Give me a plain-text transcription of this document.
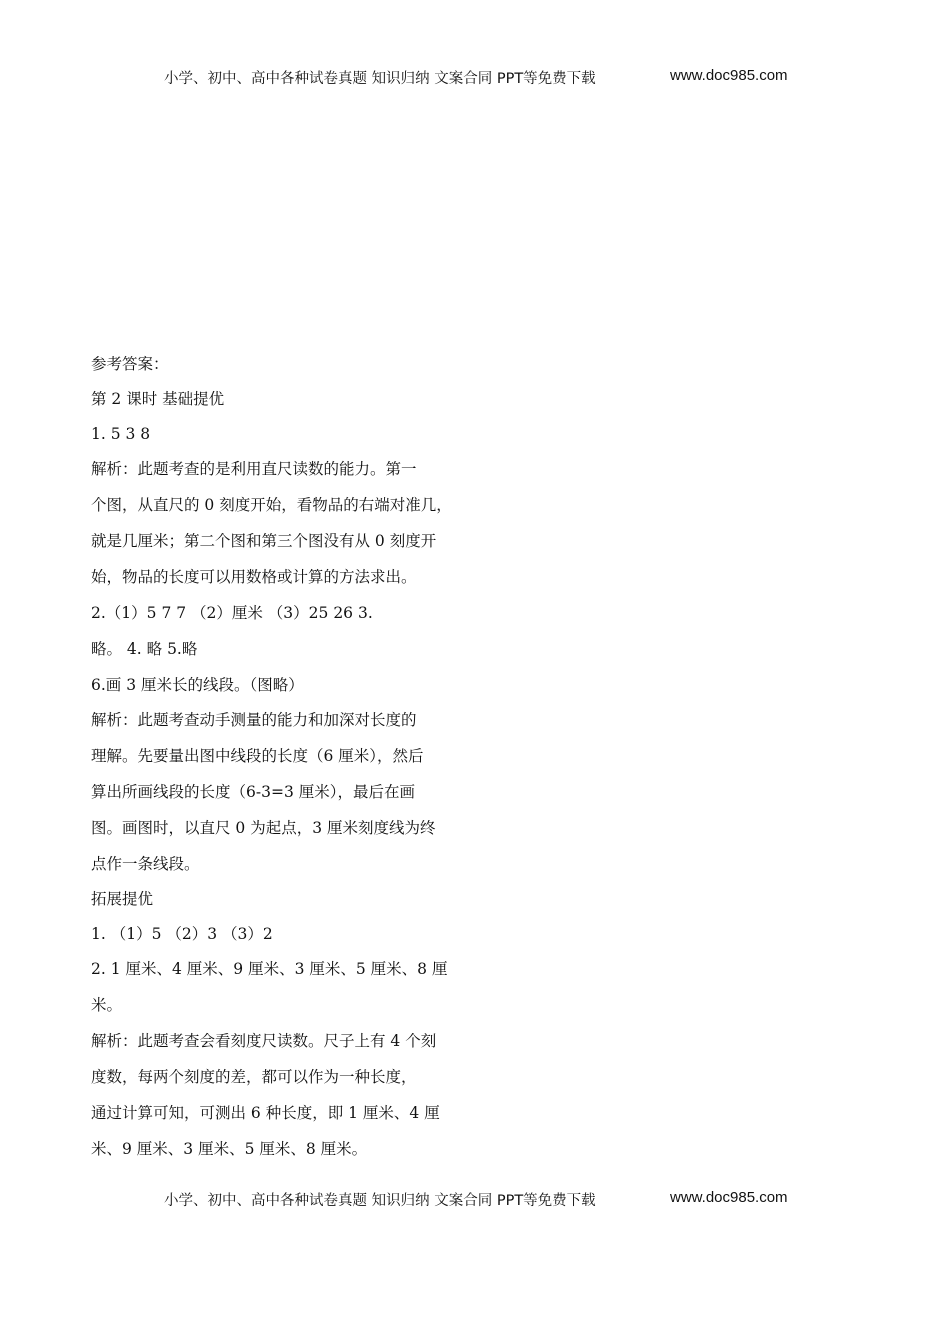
小学、初中、高中各种试卷真题 知识归纳 文案合同 PPT等免费下载	www.doc985.com
参考答案：
第 2 课时 基础提优
1. 5 3 8
解析：此题考查的是利用直尺读数的能力。第一
个图，从直尺的 0 刻度开始，看物品的右端对准几，
就是几厘米；第二个图和第三个图没有从 0 刻度开
始，物品的长度可以用数格或计算的方法求出。
2.（1）5 7 7 （2）厘米 （3）25 26 3.
略。 4. 略 5.略
6.画 3 厘米长的线段。（图略）
解析：此题考查动手测量的能力和加深对长度的
理解。先要量出图中线段的长度（6 厘米），然后
算出所画线段的长度（6-3=3 厘米），最后在画
图。画图时，以直尺 0 为起点，3 厘米刻度线为终
点作一条线段。
拓展提优
1. （1）5 （2）3 （3）2
2. 1 厘米、4 厘米、9 厘米、3 厘米、5 厘米、8 厘
米。
解析：此题考查会看刻度尺读数。尺子上有 4 个刻
度数，每两个刻度的差，都可以作为一种长度，
通过计算可知，可测出 6 种长度，即 1 厘米、4 厘
米、9 厘米、3 厘米、5 厘米、8 厘米。
小学、初中、高中各种试卷真题 知识归纳 文案合同 PPT等免费下载	www.doc985.com
